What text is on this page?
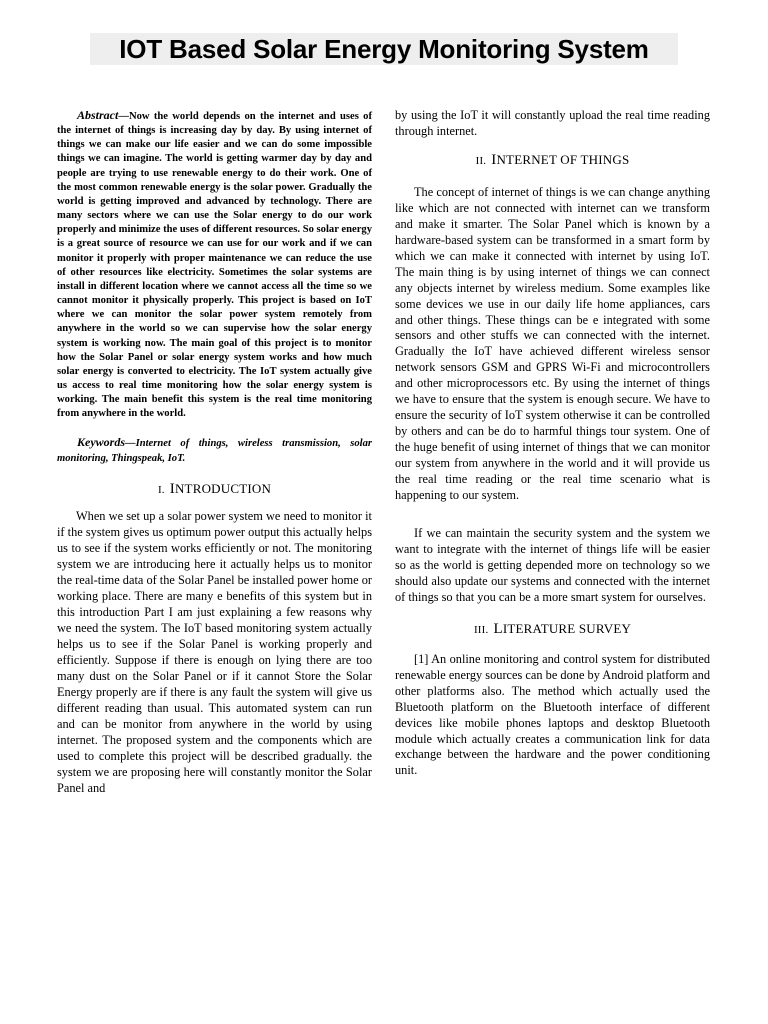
IOT Based Solar Energy Monitoring System

Abstract—Now the world depends on the internet and uses of the internet of things is increasing day by day. By using internet of things we can make our life easier and we can do some impossible things we can imagine. The world is getting warmer day by day and people are trying to use renewable energy to do their work. One of the most common renewable energy is the solar power. Gradually the world is getting improved and advanced by technology. There are many sectors where we can use the Solar energy to do our work properly and minimize the uses of different resources. So solar energy is a great source of resource we can use for our work and if we can monitor it properly with proper maintenance we can reduce the use of other resources like electricity. Sometimes the solar systems are install in different location where we cannot access all the time so we cannot monitor it physically properly. This project is based on IoT where we can monitor the solar power system remotely from anywhere in the world so we can supervise how the solar energy system is working now. The main goal of this project is to monitor how the Solar Panel or solar energy system works and how much solar energy is converted to electricity. The IoT system actually give us access to real time monitoring how the solar energy system is working. The main benefit this system is the real time monitoring from anywhere in the world.

Keywords—Internet of things, wireless transmission, solar monitoring, Thingspeak, IoT.

I. INTRODUCTION

When we set up a solar power system we need to monitor it if the system gives us optimum power output this actually helps us to see if the system works efficiently or not. The monitoring system we are introducing here it actually helps us to monitor the real-time data of the Solar Panel be installed power home or working place. There are many e benefits of this system but in this introduction Part I am just explaining a few reasons why we need the system. The IoT based monitoring system actually helps us to see if the Solar Panel is working properly and efficiently. Suppose if there is enough on lying there are too many dust on the Solar Panel or if it cannot Store the Solar Energy properly are if there is any fault the system will give us different reading than usual. This automated system can run and can be monitor from anywhere in the world by using internet. The proposed system and the components which are used to complete this project will be described gradually. the system we are proposing here will constantly monitor the Solar Panel and

by using the IoT it will constantly upload the real time reading through internet.

II. INTERNET OF THINGS

The concept of internet of things is we can change anything like which are not connected with internet can we transform and make it smarter. The Solar Panel which is known by a hardware-based system can be transformed in a smart form by which we can make it connected with internet by using IoT. The main thing is by using internet of things we can connect any objects internet by wireless medium. Some examples like some devices we use in our daily life home appliances, cars and other things. These things can be e integrated with some sensors and other stuffs we can connected with the internet. Gradually the IoT have achieved different wireless sensor network sensors GSM and GPRS Wi-Fi and microcontrollers and other microprocessors etc. By using the internet of things we have to ensure that the system is enough secure. We have to ensure the security of IoT system otherwise it can be controlled by others and can be do to harmful things tour system. One of the huge benefit of using internet of things that we can monitor our system from anywhere in the world and it will provide us the real time reading or the real time scenario what is happening to our system.

If we can maintain the security system and the system we want to integrate with the internet of things life will be easier so as the world is getting depended more on technology so we should also update our systems and connected with the internet of things so that you can be a more smart system for ourselves.

III. LITERATURE SURVEY

[1] An online monitoring and control system for distributed renewable energy sources can be done by Android platform and other platforms also. The method which actually used the Bluetooth platform on the Bluetooth interface of different devices like mobile phones laptops and desktop Bluetooth module which actually creates a communication link for data exchange between the hardware and the power conditioning unit.
